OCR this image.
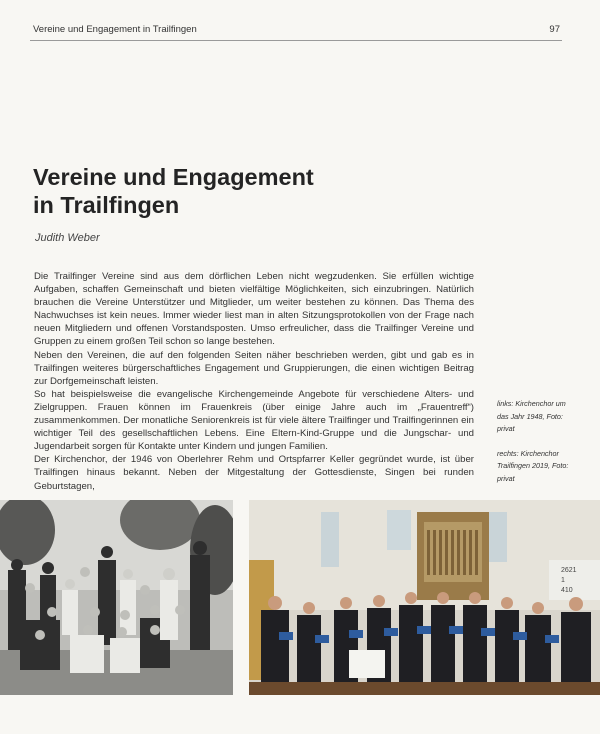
Vereine und Engagement in Trailfingen	97
Vereine und Engagement
in Trailfingen
Judith Weber

Die Trailfinger Vereine sind aus dem dörflichen Leben nicht wegzudenken. Sie erfüllen wichtige Aufgaben, schaffen Gemeinschaft und bieten vielfältige Möglichkeiten, sich einzubringen. Natürlich brauchen die Vereine Unterstützer und Mitglieder, um weiter bestehen zu können. Das Thema des Nachwuchses ist kein neues. Immer wieder liest man in alten Sitzungsprotokollen von der Frage nach neuen Mitgliedern und offenen Vorstandsposten. Umso erfreulicher, dass die Trailfinger Vereine und Gruppen zu einem großen Teil schon so lange bestehen.

Neben den Vereinen, die auf den folgenden Seiten näher beschrieben werden, gibt und gab es in Trailfingen weiteres bürgerschaftliches Engagement und Gruppierungen, die einen wichtigen Beitrag zur Dorfgemeinschaft leisten.

So hat beispielsweise die evangelische Kirchengemeinde Angebote für verschiedene Alters- und Zielgruppen. Frauen können im Frauenkreis (über einige Jahre auch im „Frauentreff“) zusammenkommen. Der monatliche Seniorenkreis ist für viele ältere Trailfinger und Trailfingerinnen ein wichtiger Teil des gesellschaftlichen Lebens. Eine Eltern-Kind-Gruppe und die Jungschar- und Jugendarbeit sorgen für Kontakte unter Kindern und jungen Familien.

Der Kirchenchor, der 1946 von Oberlehrer Rehm und Ortspfarrer Keller gegründet wurde, ist über Trailfingen hinaus bekannt. Neben der Mitgestaltung der Gottesdienste, Singen bei runden Geburtstagen,

links: Kirchenchor um das Jahr 1948, Foto: privat

rechts: Kirchenchor Trailfingen 2019, Foto: privat

2621
1
410
